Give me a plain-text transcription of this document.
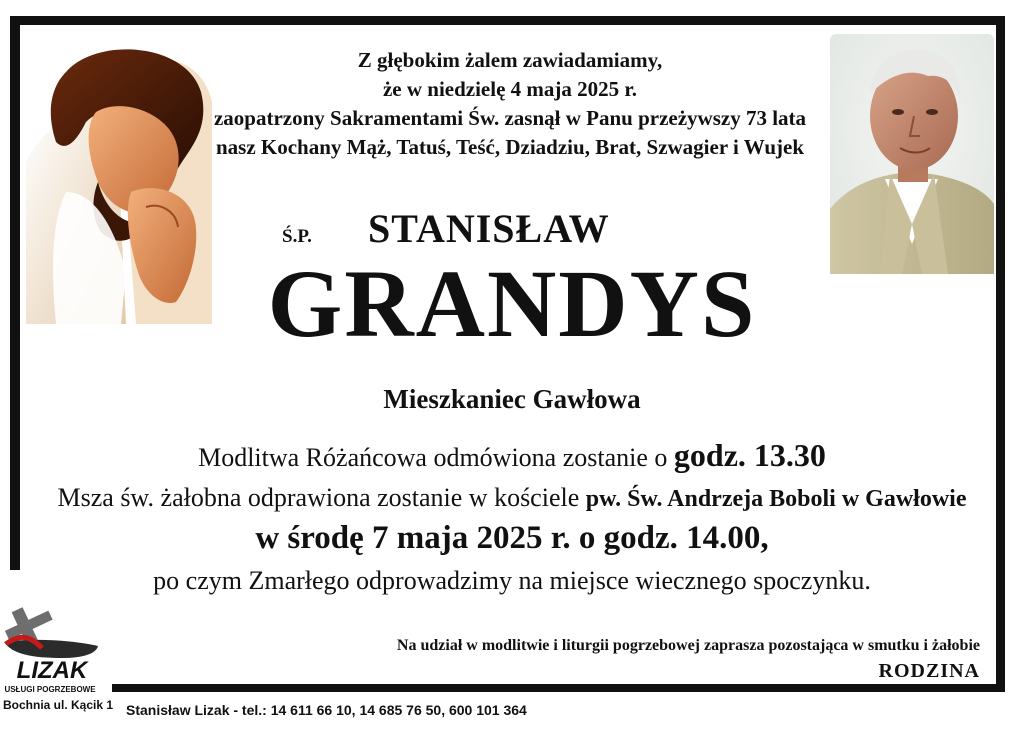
Z głębokim żalem zawiadamiamy,
że w niedzielę 4 maja 2025 r.
zaopatrzony Sakramentami Św. zasnął w Panu przeżywszy 73 lata
nasz Kochany Mąż, Tatuś, Teść, Dziadziu, Brat, Szwagier i Wujek
Ś.P. STANISŁAW
GRANDYS
Mieszkaniec Gawłowa
Modlitwa Różańcowa odmówiona zostanie o godz. 13.30
Msza św. żałobna odprawiona zostanie w kościele pw. Św. Andrzeja Boboli w Gawłowie
w środę 7 maja 2025 r. o godz. 14.00,
po czym Zmarłego odprowadzimy na miejsce wiecznego spoczynku.
Na udział w modlitwie i liturgii pogrzebowej zaprasza pozostająca w smutku i żałobie
RODZINA
LIZAK
USŁUGI POGRZEBOWE
Bochnia ul. Kącik 1 Stanisław Lizak - tel.: 14 611 66 10, 14 685 76 50, 600 101 364
